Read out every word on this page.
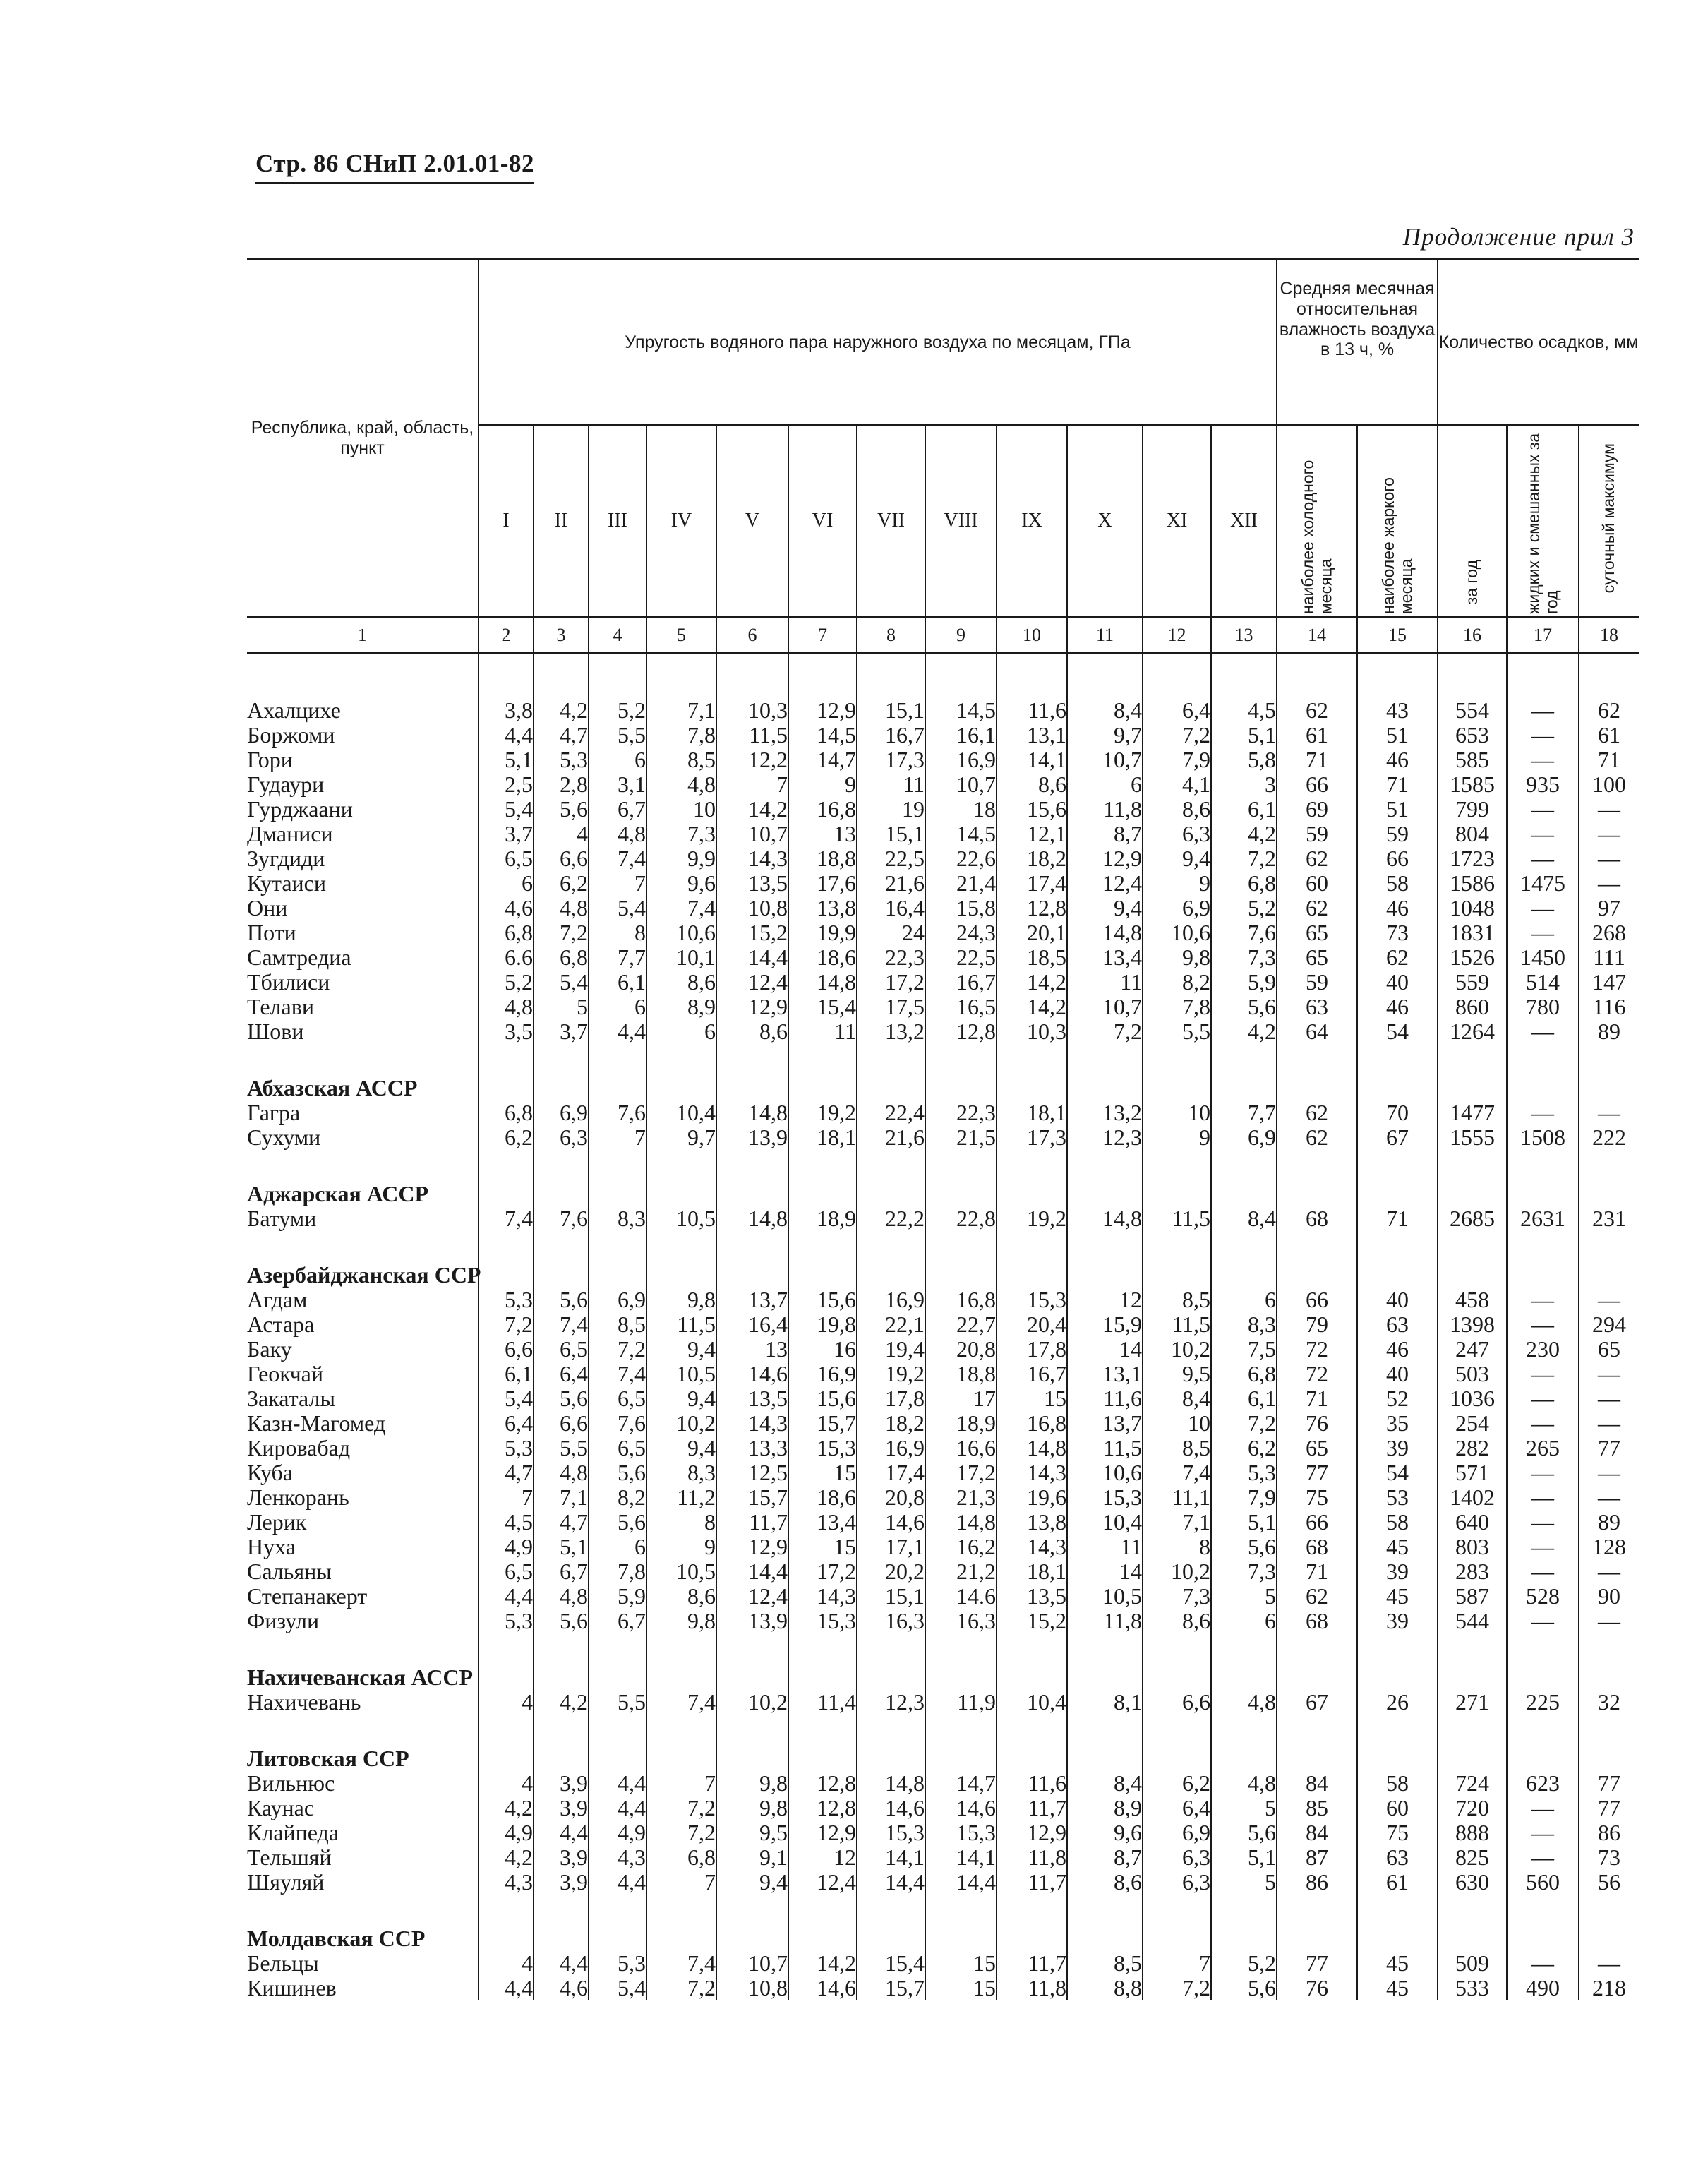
Стр. 86 СНиП 2.01.01-82
Продолжение прил 3
Республика, край, область, пункт	Упругость водяного пара наружного воздуха по месяцам, ГПа												Средняя месячная относительная влажность воздуха в 13 ч, %		Количество осадков, мм		
	I	II	III	IV	V	VI	VII	VIII	IX	X	XI	XII	наиболее холодного месяца	наиболее жаркого месяца	за год	жидких и смешанных за год	суточный максимум

1	2	3	4	5	6	7	8	9	10	11	12	13	14	15	16	17	18

Ахалцихе	3,8	4,2	5,2	7,1	10,3	12,9	15,1	14,5	11,6	8,4	6,4	4,5	62	43	554	—	62
Боржоми	4,4	4,7	5,5	7,8	11,5	14,5	16,7	16,1	13,1	9,7	7,2	5,1	61	51	653	—	61
Гори	5,1	5,3	6	8,5	12,2	14,7	17,3	16,9	14,1	10,7	7,9	5,8	71	46	585	—	71
Гудаури	2,5	2,8	3,1	4,8	7	9	11	10,7	8,6	6	4,1	3	66	71	1585	935	100
Гурджаани	5,4	5,6	6,7	10	14,2	16,8	19	18	15,6	11,8	8,6	6,1	69	51	799	—	—
Дманиси	3,7	4	4,8	7,3	10,7	13	15,1	14,5	12,1	8,7	6,3	4,2	59	59	804	—	—
Зугдиди	6,5	6,6	7,4	9,9	14,3	18,8	22,5	22,6	18,2	12,9	9,4	7,2	62	66	1723	—	—
Кутаиси	6	6,2	7	9,6	13,5	17,6	21,6	21,4	17,4	12,4	9	6,8	60	58	1586	1475	—
Они	4,6	4,8	5,4	7,4	10,8	13,8	16,4	15,8	12,8	9,4	6,9	5,2	62	46	1048	—	97
Поти	6,8	7,2	8	10,6	15,2	19,9	24	24,3	20,1	14,8	10,6	7,6	65	73	1831	—	268
Самтредиа	6.6	6,8	7,7	10,1	14,4	18,6	22,3	22,5	18,5	13,4	9,8	7,3	65	62	1526	1450	111
Тбилиси	5,2	5,4	6,1	8,6	12,4	14,8	17,2	16,7	14,2	11	8,2	5,9	59	40	559	514	147
Телави	4,8	5	6	8,9	12,9	15,4	17,5	16,5	14,2	10,7	7,8	5,6	63	46	860	780	116
Шови	3,5	3,7	4,4	6	8,6	11	13,2	12,8	10,3	7,2	5,5	4,2	64	54	1264	—	89

Абхазская АССР																	
Гагра	6,8	6,9	7,6	10,4	14,8	19,2	22,4	22,3	18,1	13,2	10	7,7	62	70	1477	—	—
Сухуми	6,2	6,3	7	9,7	13,9	18,1	21,6	21,5	17,3	12,3	9	6,9	62	67	1555	1508	222

Аджарская АССР																	
Батуми	7,4	7,6	8,3	10,5	14,8	18,9	22,2	22,8	19,2	14,8	11,5	8,4	68	71	2685	2631	231

Азербайджанская ССР																	
Агдам	5,3	5,6	6,9	9,8	13,7	15,6	16,9	16,8	15,3	12	8,5	6	66	40	458	—	—
Астара	7,2	7,4	8,5	11,5	16,4	19,8	22,1	22,7	20,4	15,9	11,5	8,3	79	63	1398	—	294
Баку	6,6	6,5	7,2	9,4	13	16	19,4	20,8	17,8	14	10,2	7,5	72	46	247	230	65
Геокчай	6,1	6,4	7,4	10,5	14,6	16,9	19,2	18,8	16,7	13,1	9,5	6,8	72	40	503	—	—
Закаталы	5,4	5,6	6,5	9,4	13,5	15,6	17,8	17	15	11,6	8,4	6,1	71	52	1036	—	—
Казн-Магомед	6,4	6,6	7,6	10,2	14,3	15,7	18,2	18,9	16,8	13,7	10	7,2	76	35	254	—	—
Кировабад	5,3	5,5	6,5	9,4	13,3	15,3	16,9	16,6	14,8	11,5	8,5	6,2	65	39	282	265	77
Куба	4,7	4,8	5,6	8,3	12,5	15	17,4	17,2	14,3	10,6	7,4	5,3	77	54	571	—	—
Ленкорань	7	7,1	8,2	11,2	15,7	18,6	20,8	21,3	19,6	15,3	11,1	7,9	75	53	1402	—	—
Лерик	4,5	4,7	5,6	8	11,7	13,4	14,6	14,8	13,8	10,4	7,1	5,1	66	58	640	—	89
Нуха	4,9	5,1	6	9	12,9	15	17,1	16,2	14,3	11	8	5,6	68	45	803	—	128
Сальяны	6,5	6,7	7,8	10,5	14,4	17,2	20,2	21,2	18,1	14	10,2	7,3	71	39	283	—	—
Степанакерт	4,4	4,8	5,9	8,6	12,4	14,3	15,1	14.6	13,5	10,5	7,3	5	62	45	587	528	90
Физули	5,3	5,6	6,7	9,8	13,9	15,3	16,3	16,3	15,2	11,8	8,6	6	68	39	544	—	—

Нахичеванская АССР																	
Нахичевань	4	4,2	5,5	7,4	10,2	11,4	12,3	11,9	10,4	8,1	6,6	4,8	67	26	271	225	32

Литовская ССР																	
Вильнюс	4	3,9	4,4	7	9,8	12,8	14,8	14,7	11,6	8,4	6,2	4,8	84	58	724	623	77
Каунас	4,2	3,9	4,4	7,2	9,8	12,8	14,6	14,6	11,7	8,9	6,4	5	85	60	720	—	77
Клайпеда	4,9	4,4	4,9	7,2	9,5	12,9	15,3	15,3	12,9	9,6	6,9	5,6	84	75	888	—	86
Тельшяй	4,2	3,9	4,3	6,8	9,1	12	14,1	14,1	11,8	8,7	6,3	5,1	87	63	825	—	73
Шяуляй	4,3	3,9	4,4	7	9,4	12,4	14,4	14,4	11,7	8,6	6,3	5	86	61	630	560	56

Молдавская ССР																	
Бельцы	4	4,4	5,3	7,4	10,7	14,2	15,4	15	11,7	8,5	7	5,2	77	45	509	—	—
Кишинев	4,4	4,6	5,4	7,2	10,8	14,6	15,7	15	11,8	8,8	7,2	5,6	76	45	533	490	218
